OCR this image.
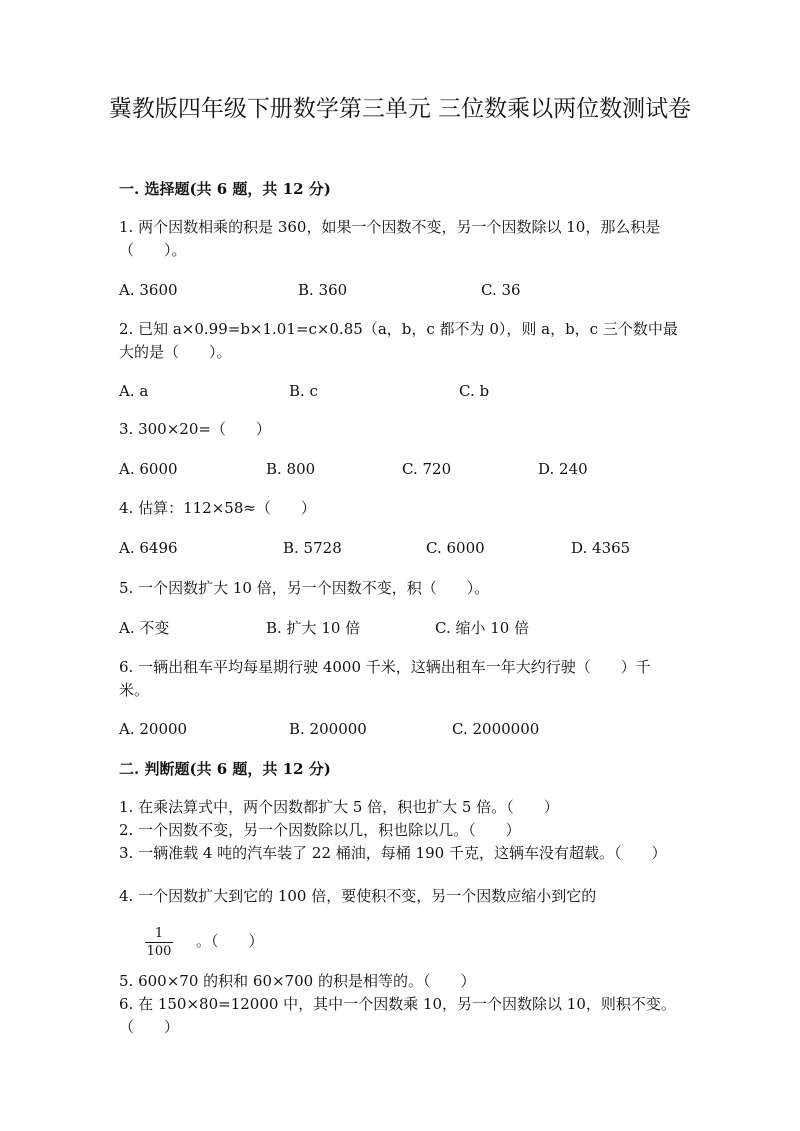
冀教版四年级下册数学第三单元 三位数乘以两位数测试卷
一. 选择题(共 6 题，共 12 分)
1. 两个因数相乘的积是 360，如果一个因数不变，另一个因数除以 10，那么积是（　　）。
A. 3600	B. 360	C. 36
2. 已知 a×0.99=b×1.01=c×0.85（a，b，c 都不为 0），则 a，b，c 三个数中最大的是（　　）。
A. a	B. c	C. b
3. 300×20=（　　）
A. 6000	B. 800	C. 720	D. 240
4. 估算：112×58≈（　　）
A. 6496	B. 5728	C. 6000	D. 4365
5. 一个因数扩大 10 倍，另一个因数不变，积（　　）。
A. 不变	B. 扩大 10 倍	C. 缩小 10 倍
6. 一辆出租车平均每星期行驶 4000 千米，这辆出租车一年大约行驶（　　）千米。
A. 20000	B. 200000	C. 2000000
二. 判断题(共 6 题，共 12 分)
1. 在乘法算式中，两个因数都扩大 5 倍，积也扩大 5 倍。（　　）
2. 一个因数不变，另一个因数除以几，积也除以几。（　　）
3. 一辆准载 4 吨的汽车装了 22 桶油，每桶 190 千克，这辆车没有超载。（　　）
4. 一个因数扩大到它的 100 倍，要使积不变，另一个因数应缩小到它的
1
100
。（　　）
5. 600×70 的积和 60×700 的积是相等的。（　　）
6. 在 150×80=12000 中，其中一个因数乘 10，另一个因数除以 10，则积不变。（　　）
